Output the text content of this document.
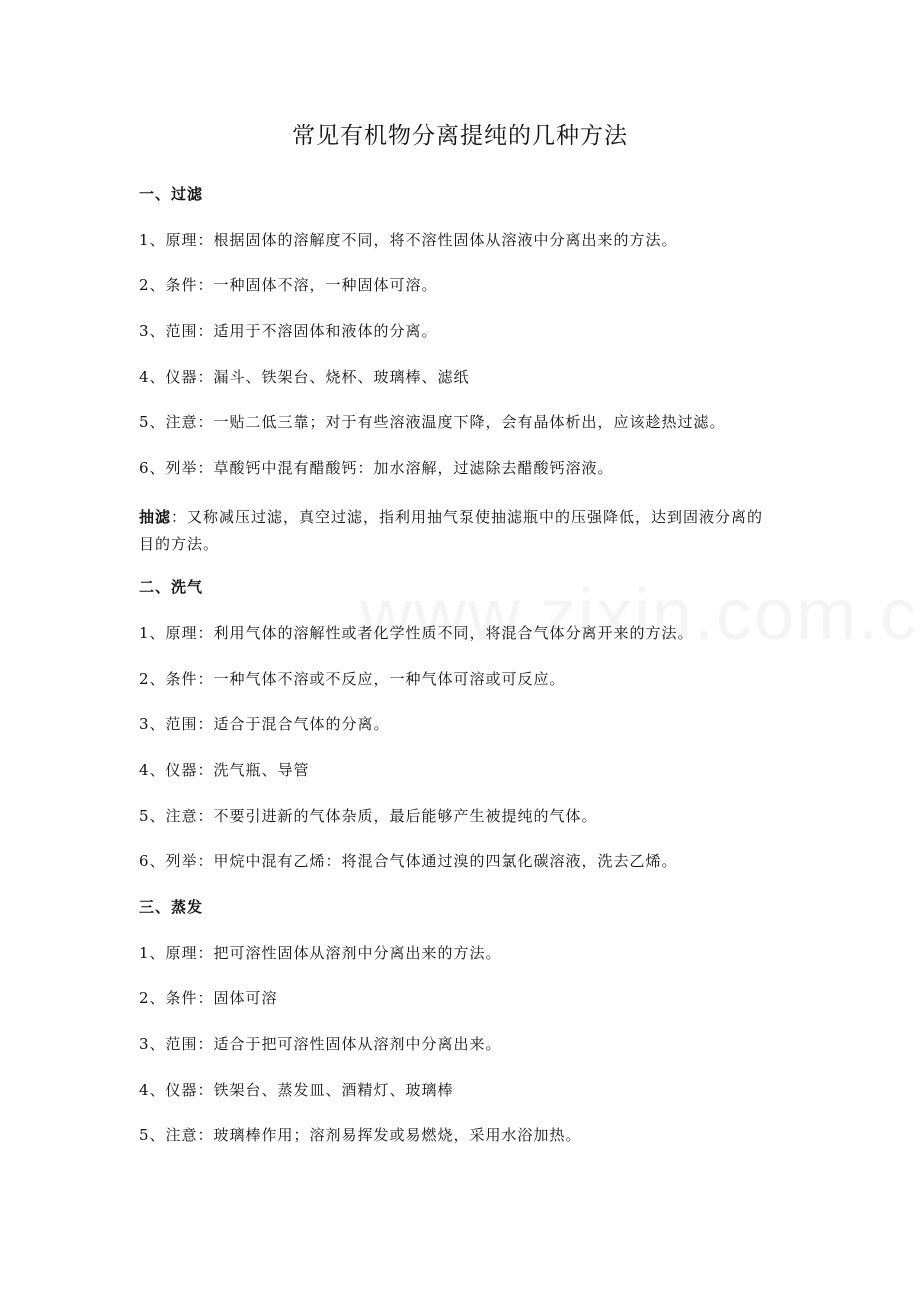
常见有机物分离提纯的几种方法
一、过滤
1、原理：根据固体的溶解度不同，将不溶性固体从溶液中分离出来的方法。
2、条件：一种固体不溶，一种固体可溶。
3、范围：适用于不溶固体和液体的分离。
4、仪器：漏斗、铁架台、烧杯、玻璃棒、滤纸
5、注意：一贴二低三靠；对于有些溶液温度下降，会有晶体析出，应该趁热过滤。
6、列举：草酸钙中混有醋酸钙：加水溶解，过滤除去醋酸钙溶液。
抽滤：又称减压过滤，真空过滤，指利用抽气泵使抽滤瓶中的压强降低，达到固液分离的目的方法。
二、洗气
1、原理：利用气体的溶解性或者化学性质不同，将混合气体分离开来的方法。
2、条件：一种气体不溶或不反应，一种气体可溶或可反应。
3、范围：适合于混合气体的分离。
4、仪器：洗气瓶、导管
5、注意：不要引进新的气体杂质，最后能够产生被提纯的气体。
6、列举：甲烷中混有乙烯：将混合气体通过溴的四氯化碳溶液，洗去乙烯。
三、蒸发
1、原理：把可溶性固体从溶剂中分离出来的方法。
2、条件：固体可溶
3、范围：适合于把可溶性固体从溶剂中分离出来。
4、仪器：铁架台、蒸发皿、酒精灯、玻璃棒
5、注意：玻璃棒作用；溶剂易挥发或易燃烧，采用水浴加热。
